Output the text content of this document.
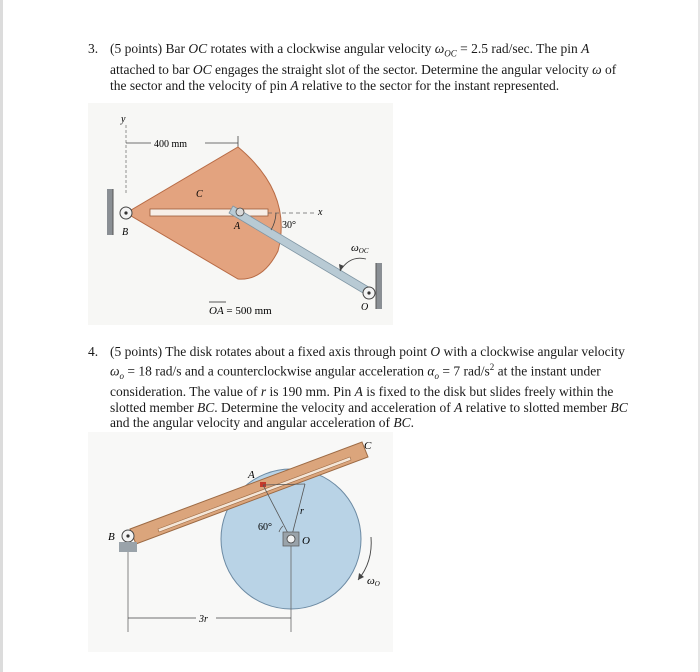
3. (5 points) Bar OC rotates with a clockwise angular velocity $\omega_{OC} = 2.5$ rad/sec. The pin A attached to bar OC engages the straight slot of the sector. Determine the angular velocity ω of the sector and the velocity of pin A relative to the sector for the instant represented.
y
400 mm
B
C
x
A	30°
O
ωOC
OA = 500 mm
4. (5 points) The disk rotates about a fixed axis through point O with a clockwise angular velocity $\omega_o = 18$ rad/s and a counterclockwise angular acceleration $\alpha_o = 7$ rad/$s^2$ at the instant under consideration. The value of r is 190 mm. Pin A is fixed to the disk but slides freely within the slotted member BC. Determine the velocity and acceleration of A relative to slotted member BC and the angular velocity and angular acceleration of BC.
A
C
r
60°
O
B
3r
ωO
